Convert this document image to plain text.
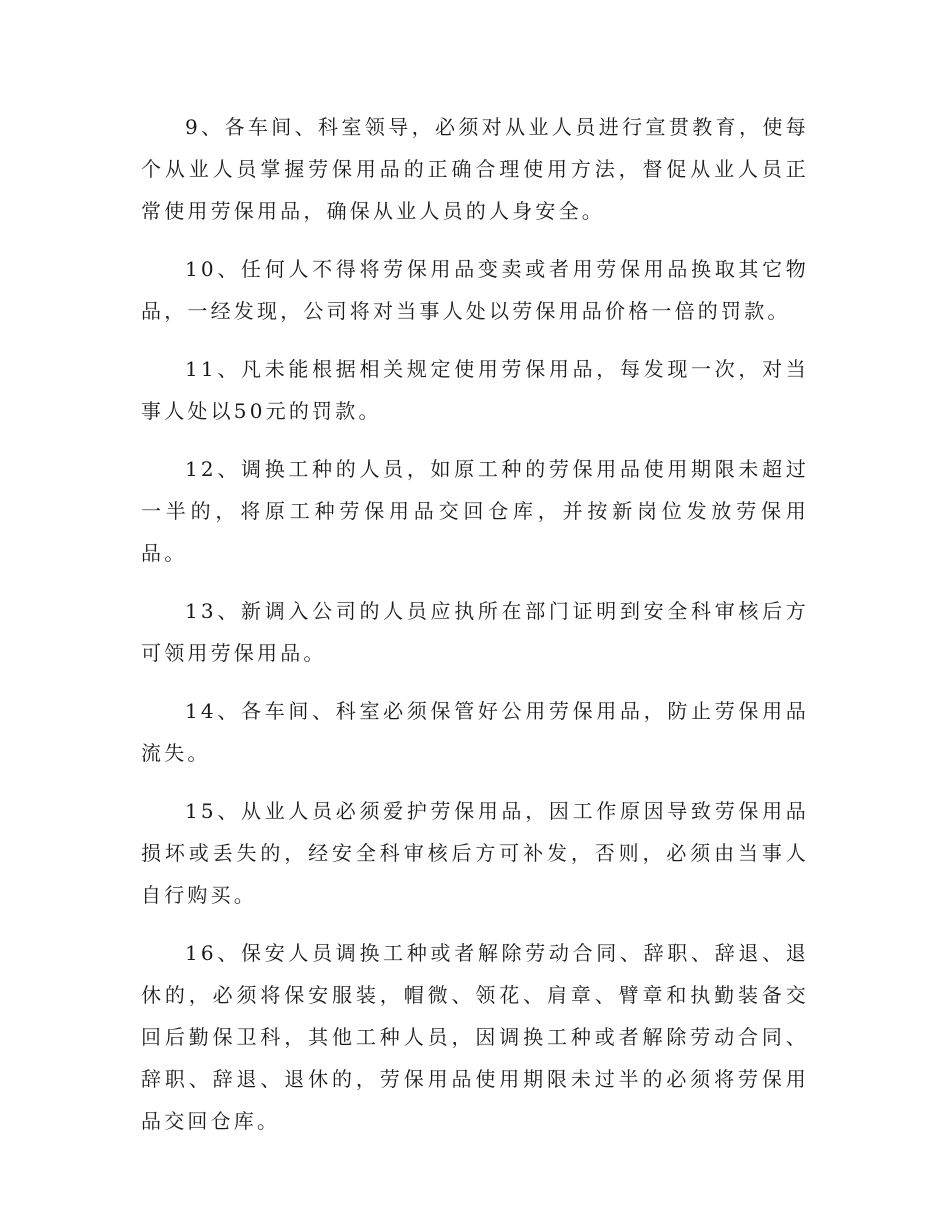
9、各车间、科室领导，必须对从业人员进行宣贯教育，使每个从业人员掌握劳保用品的正确合理使用方法，督促从业人员正常使用劳保用品，确保从业人员的人身安全。

10、任何人不得将劳保用品变卖或者用劳保用品换取其它物品，一经发现，公司将对当事人处以劳保用品价格一倍的罚款。

11、凡未能根据相关规定使用劳保用品，每发现一次，对当事人处以50元的罚款。

12、调换工种的人员，如原工种的劳保用品使用期限未超过一半的，将原工种劳保用品交回仓库，并按新岗位发放劳保用品。

13、新调入公司的人员应执所在部门证明到安全科审核后方可领用劳保用品。

14、各车间、科室必须保管好公用劳保用品，防止劳保用品流失。

15、从业人员必须爱护劳保用品，因工作原因导致劳保用品损坏或丢失的，经安全科审核后方可补发，否则，必须由当事人自行购买。

16、保安人员调换工种或者解除劳动合同、辞职、辞退、退休的，必须将保安服装，帽微、领花、肩章、臂章和执勤装备交回后勤保卫科，其他工种人员，因调换工种或者解除劳动合同、辞职、辞退、退休的，劳保用品使用期限未过半的必须将劳保用品交回仓库。
